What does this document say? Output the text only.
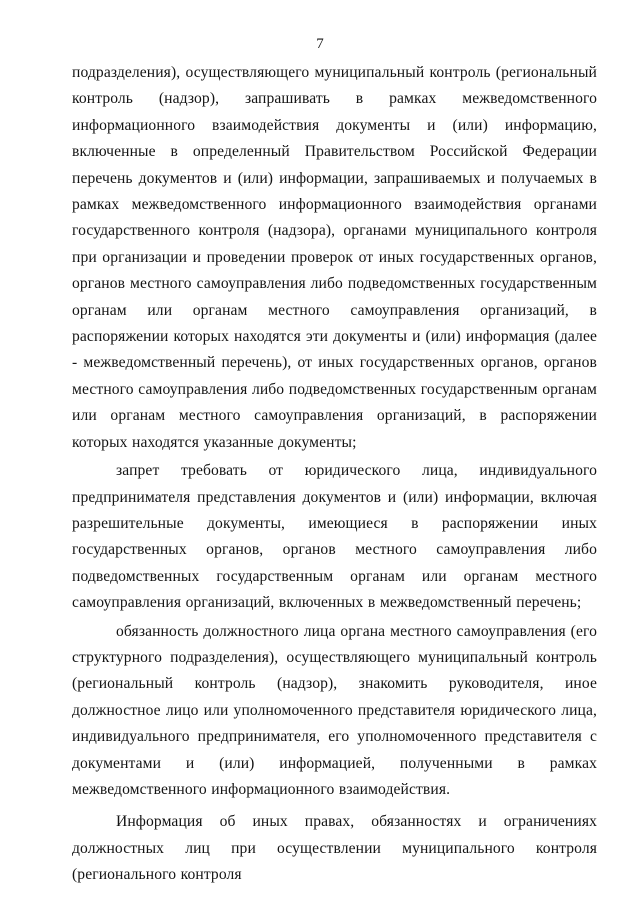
7

подразделения), осуществляющего муниципальный контроль (региональный контроль (надзор), запрашивать в рамках межведомственного информационного взаимодействия документы и (или) информацию, включенные в определенный Правительством Российской Федерации перечень документов и (или) информации, запрашиваемых и получаемых в рамках межведомственного информационного взаимодействия органами государственного контроля (надзора), органами муниципального контроля при организации и проведении проверок от иных государственных органов, органов местного самоуправления либо подведомственных государственным органам или органам местного самоуправления организаций, в распоряжении которых находятся эти документы и (или) информация (далее - межведомственный перечень), от иных государственных органов, органов местного самоуправления либо подведомственных государственным органам или органам местного самоуправления организаций, в распоряжении которых находятся указанные документы;

запрет требовать от юридического лица, индивидуального предпринимателя представления документов и (или) информации, включая разрешительные документы, имеющиеся в распоряжении иных государственных органов, органов местного самоуправления либо подведомственных государственным органам или органам местного самоуправления организаций, включенных в межведомственный перечень;

обязанность должностного лица органа местного самоуправления (его структурного подразделения), осуществляющего муниципальный контроль (региональный контроль (надзор), знакомить руководителя, иное должностное лицо или уполномоченного представителя юридического лица, индивидуального предпринимателя, его уполномоченного представителя с документами и (или) информацией, полученными в рамках межведомственного информационного взаимодействия.

Информация об иных правах, обязанностях и ограничениях должностных лиц при осуществлении муниципального контроля (регионального контроля
